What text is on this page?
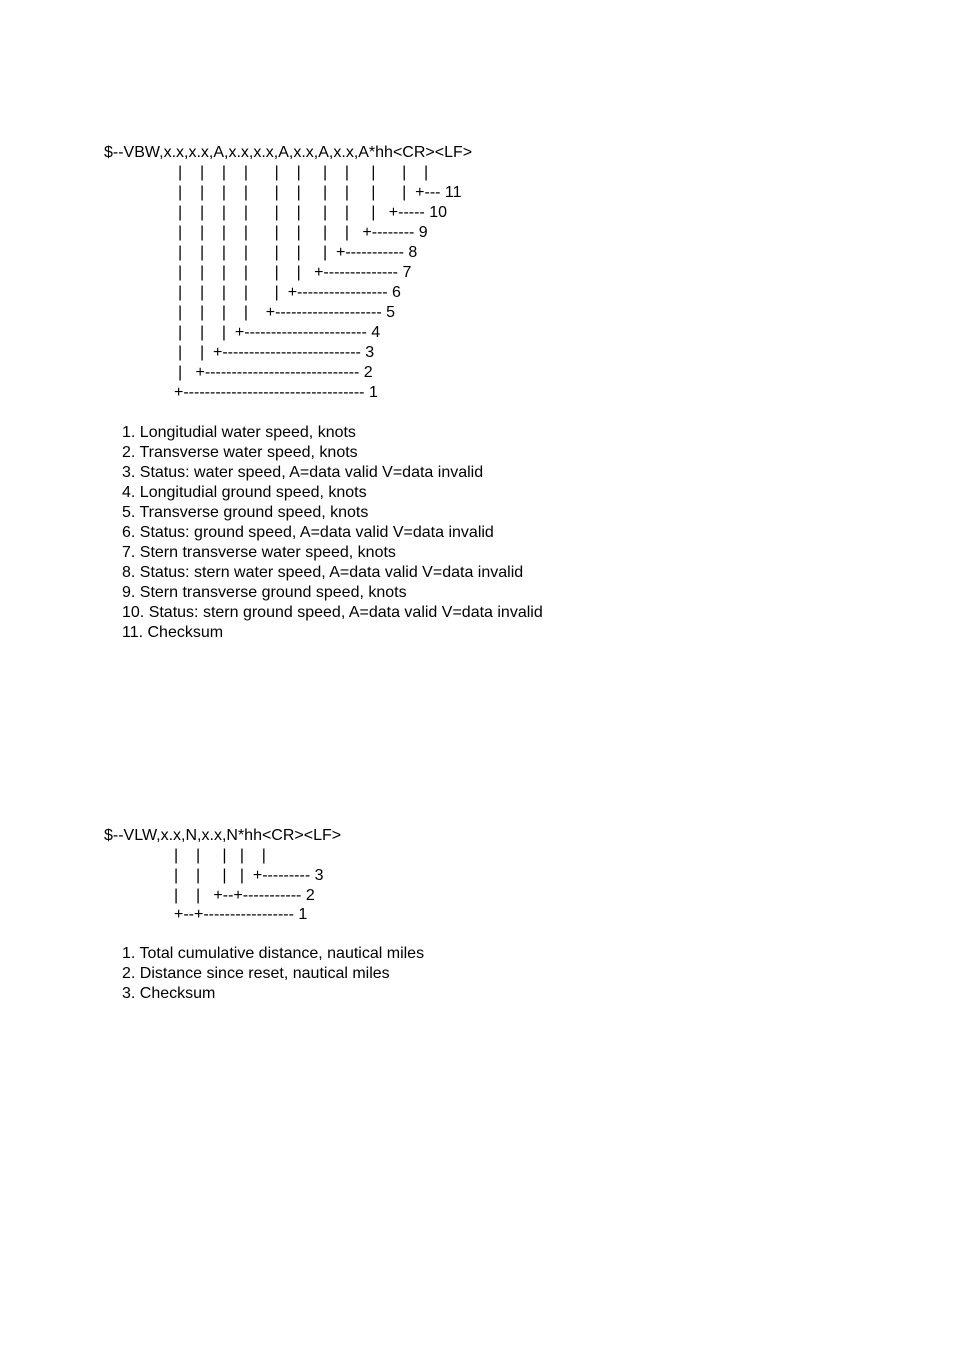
$--VBW,x.x,x.x,A,x.x,x.x,A,x.x,A,x.x,A*hh<CR><LF>
|    |    |    |      |    |     |    |     |      |    |
|    |    |    |      |    |     |    |     |      |  +--- 11
|    |    |    |      |    |     |    |     |   +----- 10
|    |    |    |      |    |     |    |   +-------- 9
|    |    |    |      |    |     |  +----------- 8
|    |    |    |      |    |   +-------------- 7
|    |    |    |      |  +----------------- 6
|    |    |    |    +-------------------- 5
|    |    |  +----------------------- 4
|    |  +-------------------------- 3
|   +----------------------------- 2
+---------------------------------- 1
1. Longitudial water speed, knots
2. Transverse water speed, knots
3. Status: water speed, A=data valid V=data invalid
4. Longitudial ground speed, knots
5. Transverse ground speed, knots
6. Status: ground speed, A=data valid V=data invalid
7. Stern transverse water speed, knots
8. Status: stern water speed, A=data valid V=data invalid
9. Stern transverse ground speed, knots
10. Status: stern ground speed, A=data valid V=data invalid
11. Checksum
$--VLW,x.x,N,x.x,N*hh<CR><LF>
|    |     |   |    |
|    |     |   |  +--------- 3
|    |   +--+----------- 2
+--+----------------- 1
1. Total cumulative distance, nautical miles
2. Distance since reset, nautical miles
3. Checksum
